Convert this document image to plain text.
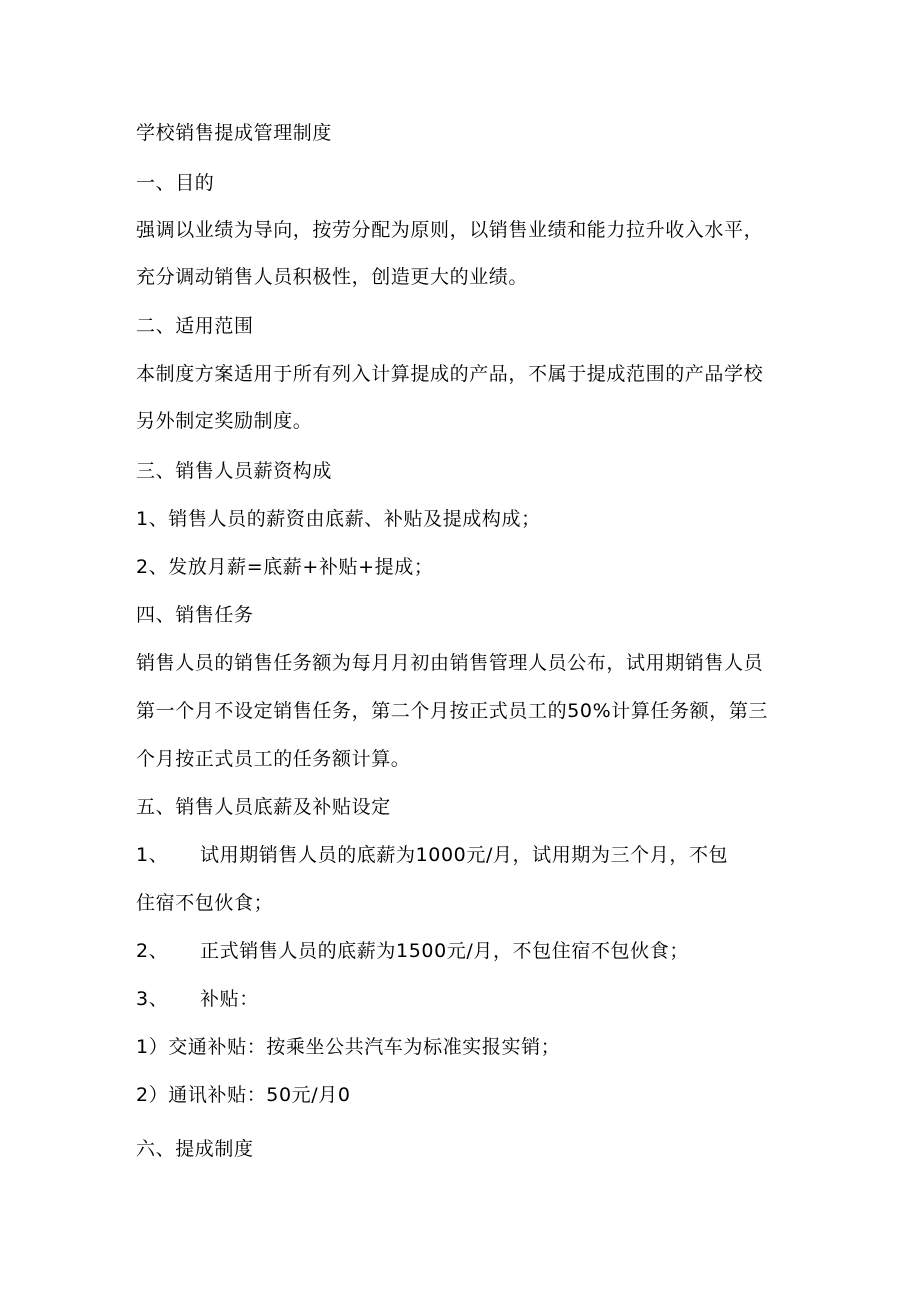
学校销售提成管理制度
一、目的
强调以业绩为导向，按劳分配为原则，以销售业绩和能力拉升收入水平，
充分调动销售人员积极性，创造更大的业绩。
二、适用范围
本制度方案适用于所有列入计算提成的产品，不属于提成范围的产品学校
另外制定奖励制度。
三、销售人员薪资构成
1、销售人员的薪资由底薪、补贴及提成构成；
2、发放月薪=底薪+补贴+提成；
四、销售任务
销售人员的销售任务额为每月月初由销售管理人员公布，试用期销售人员
第一个月不设定销售任务，第二个月按正式员工的50%计算任务额，第三
个月按正式员工的任务额计算。
五、销售人员底薪及补贴设定
1、 试用期销售人员的底薪为1000元/月，试用期为三个月，不包
住宿不包伙食；
2、 正式销售人员的底薪为1500元/月，不包住宿不包伙食；
3、 补贴：
1）交通补贴：按乘坐公共汽车为标准实报实销；
2）通讯补贴：50元/月0
六、提成制度
